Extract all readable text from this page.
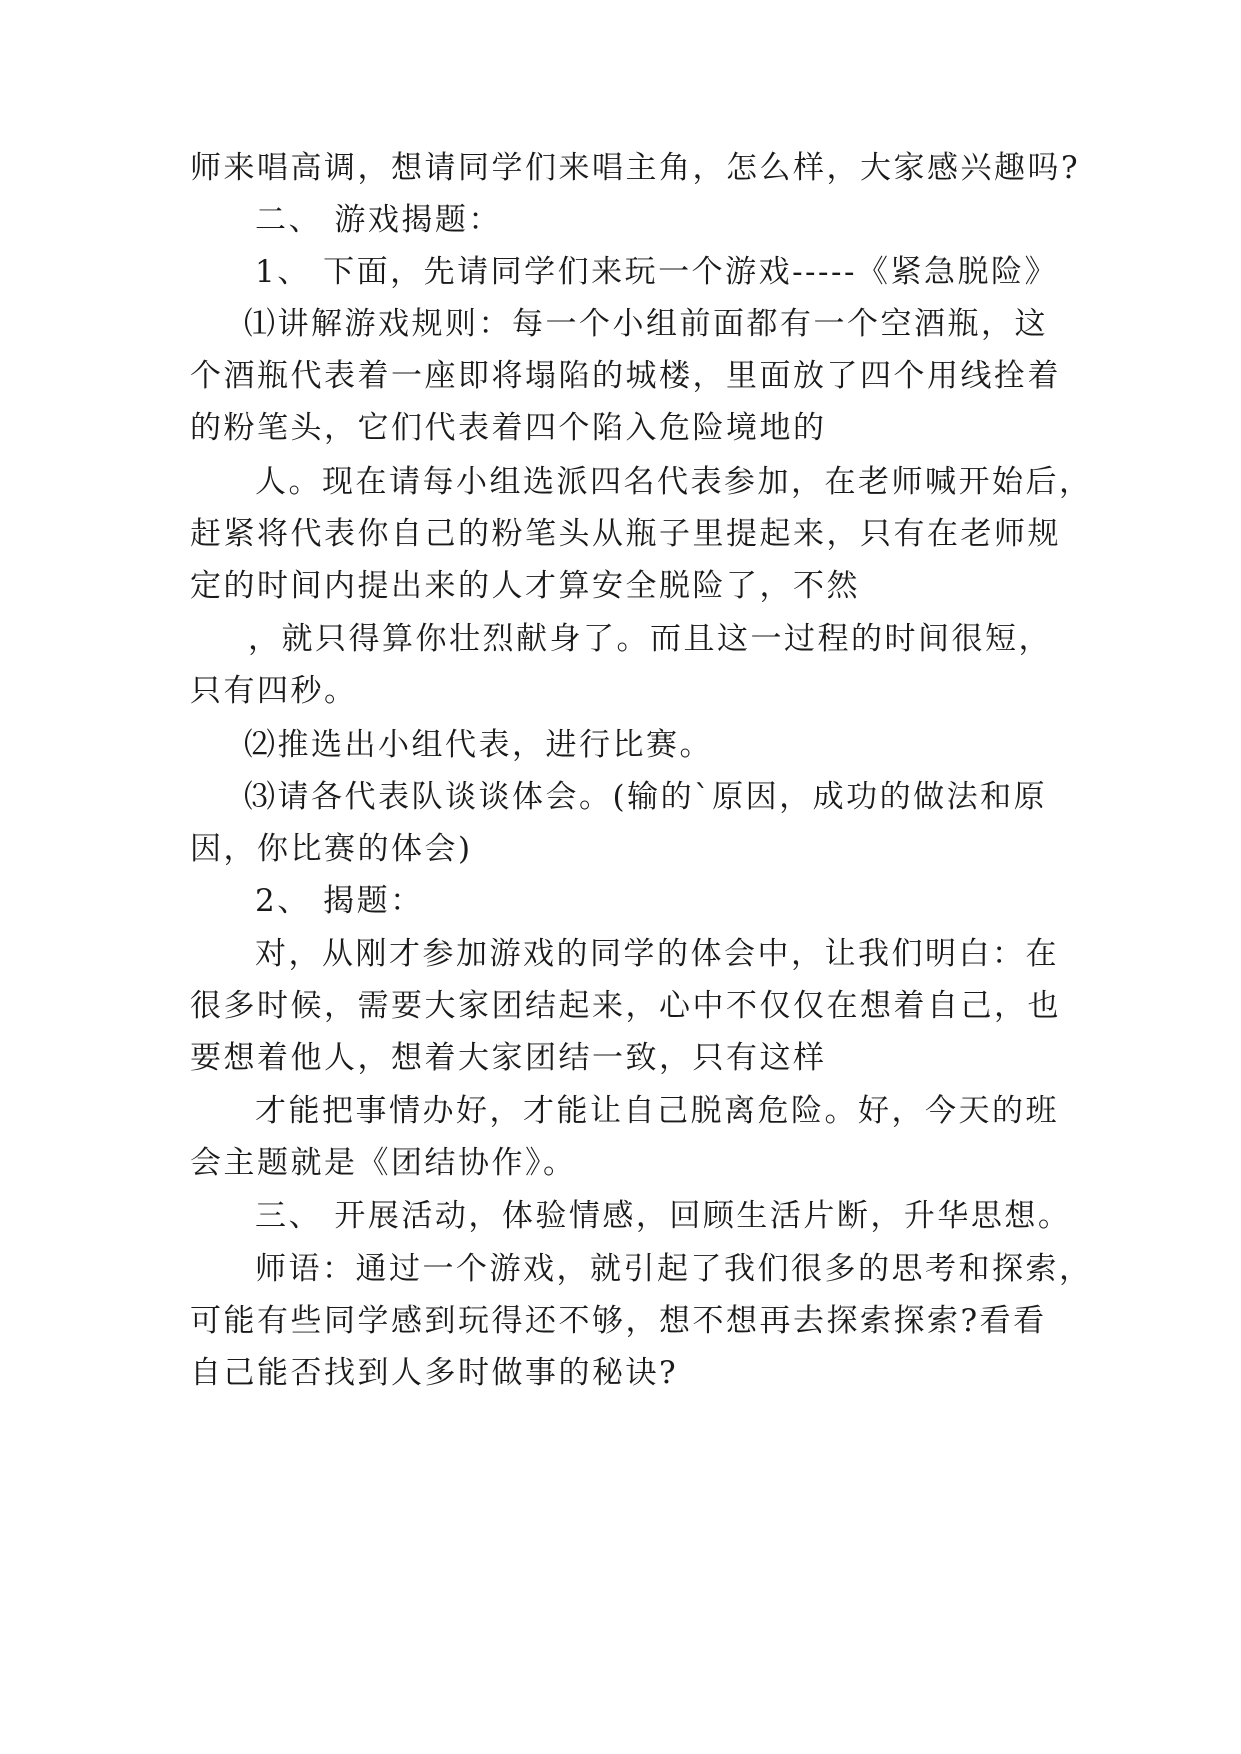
师来唱高调，想请同学们来唱主角，怎么样，大家感兴趣吗?
二、 游戏揭题：
1、 下面，先请同学们来玩一个游戏-----《紧急脱险》
⑴讲解游戏规则：每一个小组前面都有一个空酒瓶，这
个酒瓶代表着一座即将塌陷的城楼，里面放了四个用线拴着
的粉笔头，它们代表着四个陷入危险境地的
人。现在请每小组选派四名代表参加，在老师喊开始后，
赶紧将代表你自己的粉笔头从瓶子里提起来，只有在老师规
定的时间内提出来的人才算安全脱险了，不然
，就只得算你壮烈献身了。而且这一过程的时间很短，
只有四秒。
⑵推选出小组代表，进行比赛。
⑶请各代表队谈谈体会。(输的`原因，成功的做法和原
因，你比赛的体会)
2、 揭题：
对，从刚才参加游戏的同学的体会中，让我们明白：在
很多时候，需要大家团结起来，心中不仅仅在想着自己，也
要想着他人，想着大家团结一致，只有这样
才能把事情办好，才能让自己脱离危险。好，今天的班
会主题就是《团结协作》。
三、 开展活动，体验情感，回顾生活片断，升华思想。
师语：通过一个游戏，就引起了我们很多的思考和探索，
可能有些同学感到玩得还不够，想不想再去探索探索?看看
自己能否找到人多时做事的秘诀?
